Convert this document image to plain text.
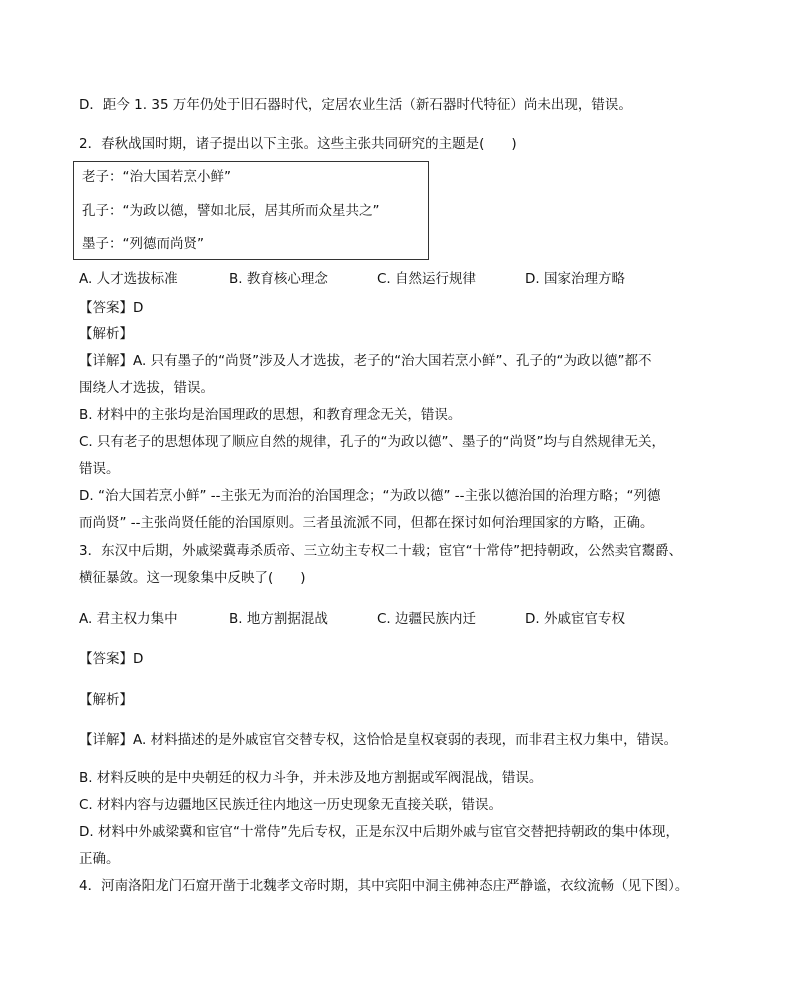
D．距今 1. 35 万年仍处于旧石器时代，定居农业生活（新石器时代特征）尚未出现，错误。
2．春秋战国时期，诸子提出以下主张。这些主张共同研究的主题是(　　)
老子：“治大国若烹小鲜”
孔子：“为政以德，譬如北辰，居其所而众星共之”
墨子：“列德而尚贤”
A. 人才选拔标准	B. 教育核心理念	C. 自然运行规律	D. 国家治理方略
【答案】D
【解析】
【详解】A. 只有墨子的“尚贤”涉及人才选拔，老子的“治大国若烹小鲜”、孔子的“为政以德”都不
围绕人才选拔，错误。
B. 材料中的主张均是治国理政的思想，和教育理念无关，错误。
C. 只有老子的思想体现了顺应自然的规律，孔子的“为政以德”、墨子的“尚贤”均与自然规律无关，
错误。
D. “治大国若烹小鲜” --主张无为而治的治国理念；“为政以德” --主张以德治国的治理方略；“列德
而尚贤” --主张尚贤任能的治国原则。三者虽流派不同，但都在探讨如何治理国家的方略，正确。
3．东汉中后期，外戚梁冀毒杀质帝、三立幼主专权二十载；宦官“十常侍”把持朝政，公然卖官鬻爵、
横征暴敛。这一现象集中反映了(　　)
A. 君主权力集中	B. 地方割据混战	C. 边疆民族内迁	D. 外戚宦官专权
【答案】D
【解析】
【详解】A. 材料描述的是外戚宦官交替专权，这恰恰是皇权衰弱的表现，而非君主权力集中，错误。
B. 材料反映的是中央朝廷的权力斗争，并未涉及地方割据或军阀混战，错误。
C. 材料内容与边疆地区民族迁往内地这一历史现象无直接关联，错误。
D. 材料中外戚梁冀和宦官“十常侍”先后专权，正是东汉中后期外戚与宦官交替把持朝政的集中体现，
正确。
4．河南洛阳龙门石窟开凿于北魏孝文帝时期，其中宾阳中洞主佛神态庄严静谧，衣纹流畅（见下图）。
